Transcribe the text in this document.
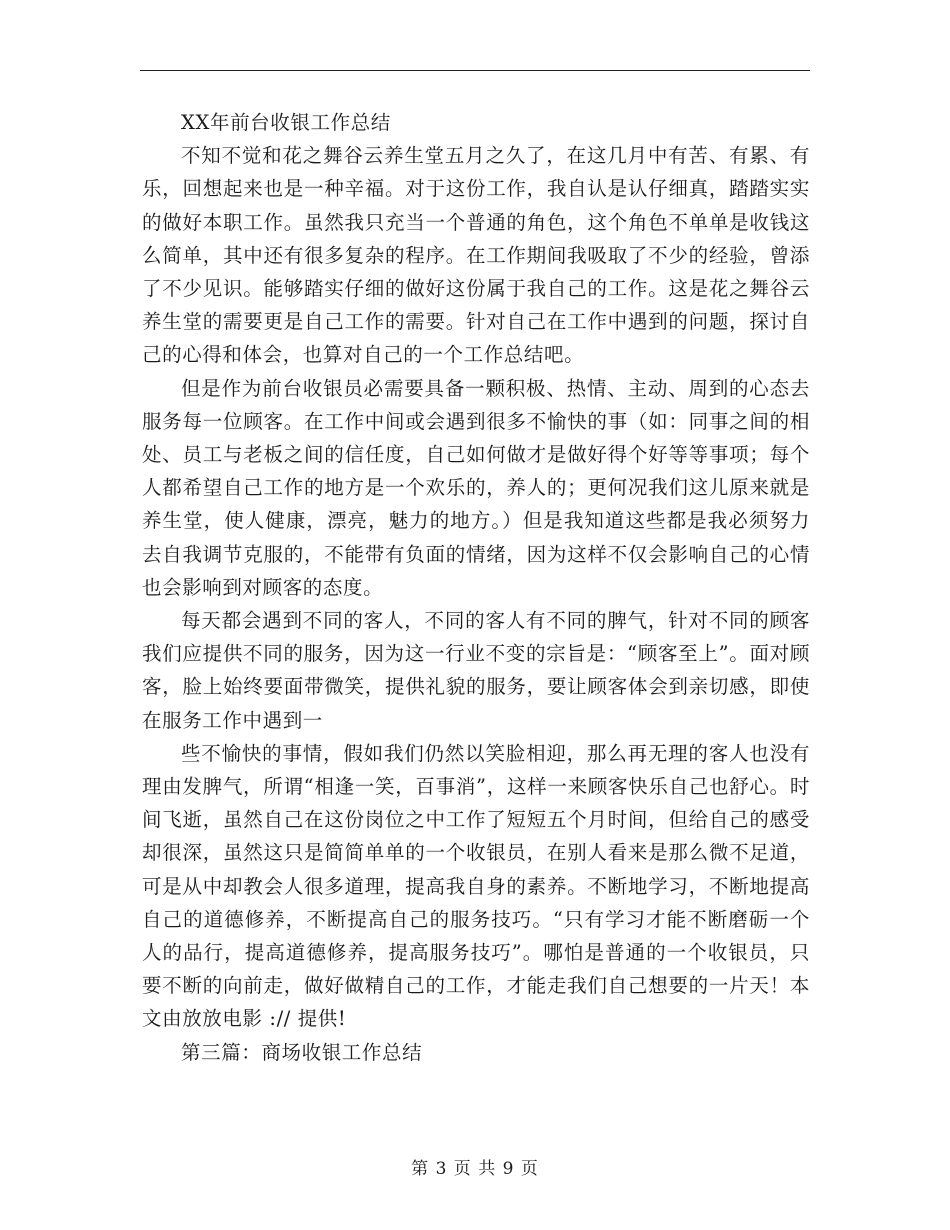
XX年前台收银工作总结

不知不觉和花之舞谷云养生堂五月之久了，在这几月中有苦、有累、有乐，回想起来也是一种辛福。对于这份工作，我自认是认仔细真，踏踏实实的做好本职工作。虽然我只充当一个普通的角色，这个角色不单单是收钱这么简单，其中还有很多复杂的程序。在工作期间我吸取了不少的经验，曾添了不少见识。能够踏实仔细的做好这份属于我自己的工作。这是花之舞谷云养生堂的需要更是自己工作的需要。针对自己在工作中遇到的问题，探讨自己的心得和体会，也算对自己的一个工作总结吧。

但是作为前台收银员必需要具备一颗积极、热情、主动、周到的心态去服务每一位顾客。在工作中间或会遇到很多不愉快的事（如：同事之间的相处、员工与老板之间的信任度，自己如何做才是做好得个好等等事项；每个人都希望自己工作的地方是一个欢乐的，养人的；更何况我们这儿原来就是养生堂，使人健康，漂亮，魅力的地方。）但是我知道这些都是我必须努力去自我调节克服的，不能带有负面的情绪，因为这样不仅会影响自己的心情也会影响到对顾客的态度。

每天都会遇到不同的客人，不同的客人有不同的脾气，针对不同的顾客我们应提供不同的服务，因为这一行业不变的宗旨是：“顾客至上”。面对顾客，脸上始终要面带微笑，提供礼貌的服务，要让顾客体会到亲切感，即使在服务工作中遇到一

些不愉快的事情，假如我们仍然以笑脸相迎，那么再无理的客人也没有理由发脾气，所谓“相逢一笑，百事消”，这样一来顾客快乐自己也舒心。时间飞逝，虽然自己在这份岗位之中工作了短短五个月时间，但给自己的感受却很深，虽然这只是简简单单的一个收银员，在别人看来是那么微不足道，可是从中却教会人很多道理，提高我自身的素养。不断地学习，不断地提高自己的道德修养，不断提高自己的服务技巧。“只有学习才能不断磨砺一个人的品行，提高道德修养，提高服务技巧”。哪怕是普通的一个收银员，只要不断的向前走，做好做精自己的工作，才能走我们自己想要的一片天！本文由放放电影 :// 提供!

第三篇：商场收银工作总结

第 3 页 共 9 页
